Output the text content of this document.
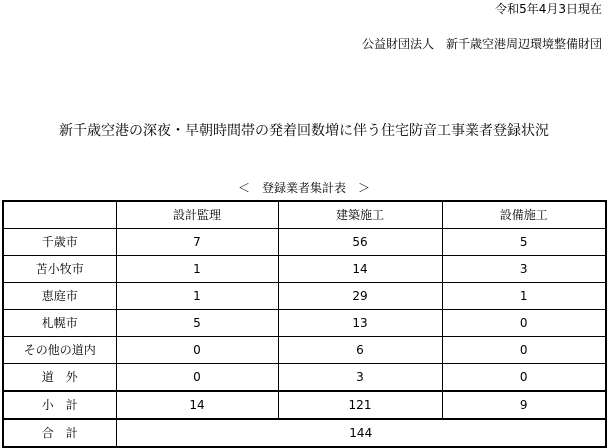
令和5年4月3日現在
公益財団法人　新千歳空港周辺環境整備財団
新千歳空港の深夜・早朝時間帯の発着回数増に伴う住宅防音工事業者登録状況
＜　登録業者集計表　＞
	設計監理	建築施工	設備施工
千歳市	7	56	5
苫小牧市	1	14	3
恵庭市	1	29	1
札幌市	5	13	0
その他の道内	0	6	0
道　外	0	3	0
小　計	14	121	9
合　計	144		
